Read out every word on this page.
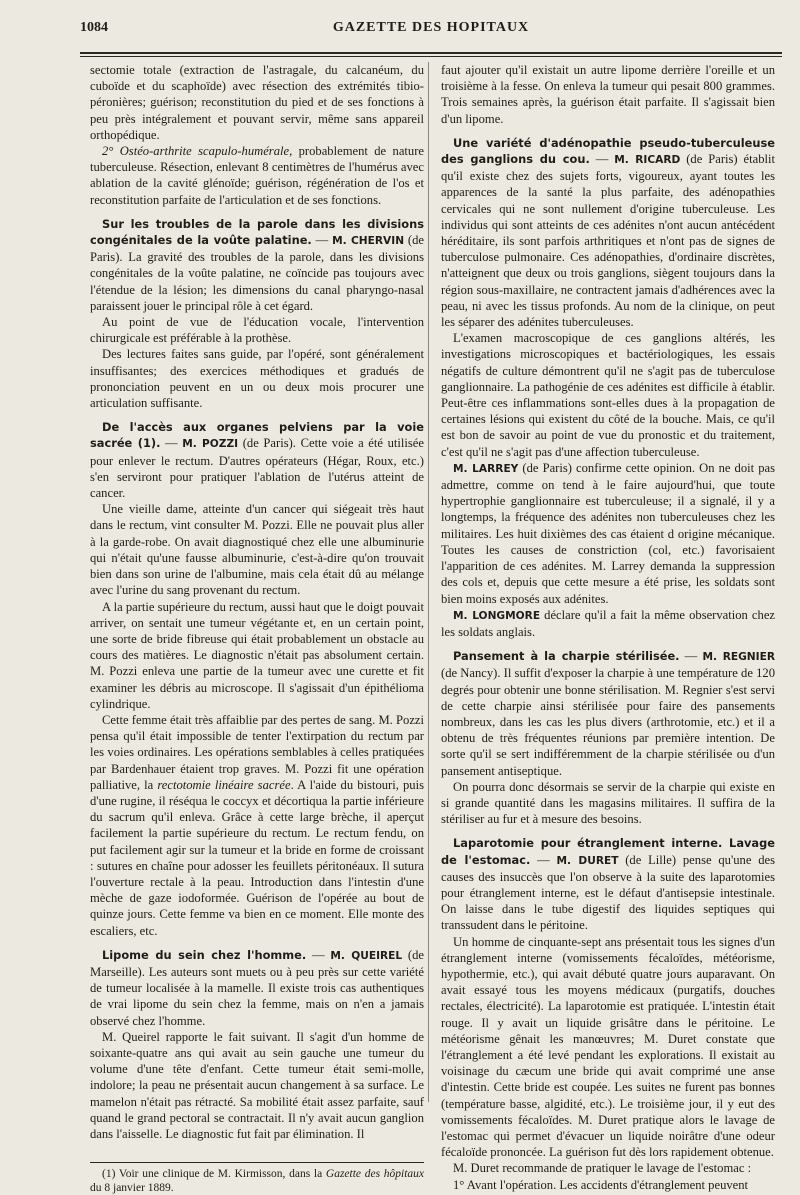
1084	GAZETTE DES HOPITAUX

sectomie totale (extraction de l'astragale, du calcanéum, du cuboïde et du scaphoïde) avec résection des extrémités tibio-péronières; guérison; reconstitution du pied et de ses fonctions à peu près intégralement et pouvant servir, même sans appareil orthopédique.

2° Ostéo-arthrite scapulo-humérale, probablement de nature tuberculeuse. Résection, enlevant 8 centimètres de l'humérus avec ablation de la cavité glénoïde; guérison, régénération de l'os et reconstitution parfaite de l'articulation et de ses fonctions.

Sur les troubles de la parole dans les divisions congénitales de la voûte palatine. — M. CHERVIN (de Paris). La gravité des troubles de la parole, dans les divisions congénitales de la voûte palatine, ne coïncide pas toujours avec l'étendue de la lésion; les dimensions du canal pharyngo-nasal paraissent jouer le principal rôle à cet égard.

Au point de vue de l'éducation vocale, l'intervention chirurgicale est préférable à la prothèse.

Des lectures faites sans guide, par l'opéré, sont généralement insuffisantes; des exercices méthodiques et gradués de prononciation peuvent en un ou deux mois procurer une articulation suffisante.

De l'accès aux organes pelviens par la voie sacrée (1). — M. POZZI (de Paris). Cette voie a été utilisée pour enlever le rectum. D'autres opérateurs (Hégar, Roux, etc.) s'en serviront pour pratiquer l'ablation de l'utérus atteint de cancer.

Une vieille dame, atteinte d'un cancer qui siégeait très haut dans le rectum, vint consulter M. Pozzi. Elle ne pouvait plus aller à la garde-robe. On avait diagnostiqué chez elle une albuminurie qui n'était qu'une fausse albuminurie, c'est-à-dire qu'on trouvait bien dans son urine de l'albumine, mais cela était dû au mélange avec l'urine du sang provenant du rectum.

A la partie supérieure du rectum, aussi haut que le doigt pouvait arriver, on sentait une tumeur végétante et, en un certain point, une sorte de bride fibreuse qui était probablement un obstacle au cours des matières. Le diagnostic n'était pas absolument certain. M. Pozzi enleva une partie de la tumeur avec une curette et fit examiner les débris au microscope. Il s'agissait d'un épithélioma cylindrique.

Cette femme était très affaiblie par des pertes de sang. M. Pozzi pensa qu'il était impossible de tenter l'extirpation du rectum par les voies ordinaires. Les opérations semblables à celles pratiquées par Bardenhauer étaient trop graves. M. Pozzi fit une opération palliative, la rectotomie linéaire sacrée. A l'aide du bistouri, puis d'une rugine, il réséqua le coccyx et décortiqua la partie inférieure du sacrum qu'il enleva. Grâce à cette large brèche, il aperçut facilement la partie supérieure du rectum. Le rectum fendu, on put facilement agir sur la tumeur et la bride en forme de croissant : sutures en chaîne pour adosser les feuillets péritonéaux. Il sutura l'ouverture rectale à la peau. Introduction dans l'intestin d'une mèche de gaze iodoformée. Guérison de l'opérée au bout de quinze jours. Cette femme va bien en ce moment. Elle monte des escaliers, etc.

Lipome du sein chez l'homme. — M. QUEIREL (de Marseille). Les auteurs sont muets ou à peu près sur cette variété de tumeur localisée à la mamelle. Il existe trois cas authentiques de vrai lipome du sein chez la femme, mais on n'en a jamais observé chez l'homme.

M. Queirel rapporte le fait suivant. Il s'agit d'un homme de soixante-quatre ans qui avait au sein gauche une tumeur du volume d'une tête d'enfant. Cette tumeur était semi-molle, indolore; la peau ne présentait aucun changement à sa surface. Le mamelon n'était pas rétracté. Sa mobilité était assez parfaite, sauf quand le grand pectoral se contractait. Il n'y avait aucun ganglion dans l'aisselle. Le diagnostic fut fait par élimination. Il

(1) Voir une clinique de M. Kirmisson, dans la Gazette des hôpitaux du 8 janvier 1889.

faut ajouter qu'il existait un autre lipome derrière l'oreille et un troisième à la fesse. On enleva la tumeur qui pesait 800 grammes. Trois semaines après, la guérison était parfaite. Il s'agissait bien d'un lipome.

Une variété d'adénopathie pseudo-tuberculeuse des ganglions du cou. — M. RICARD (de Paris) établit qu'il existe chez des sujets forts, vigoureux, ayant toutes les apparences de la santé la plus parfaite, des adénopathies cervicales qui ne sont nullement d'origine tuberculeuse. Les individus qui sont atteints de ces adénites n'ont aucun antécédent héréditaire, ils sont parfois arthritiques et n'ont pas de signes de tuberculose pulmonaire. Ces adénopathies, d'ordinaire discrètes, n'atteignent que deux ou trois ganglions, siègent toujours dans la région sous-maxillaire, ne contractent jamais d'adhérences avec la peau, ni avec les tissus profonds. Au nom de la clinique, on peut les séparer des adénites tuberculeuses.

L'examen macroscopique de ces ganglions altérés, les investigations microscopiques et bactériologiques, les essais négatifs de culture démontrent qu'il ne s'agit pas de tuberculose ganglionnaire. La pathogénie de ces adénites est difficile à établir. Peut-être ces inflammations sont-elles dues à la propagation de certaines lésions qui existent du côté de la bouche. Mais, ce qu'il est bon de savoir au point de vue du pronostic et du traitement, c'est qu'il ne s'agit pas d'une affection tuberculeuse.

M. LARREY (de Paris) confirme cette opinion. On ne doit pas admettre, comme on tend à le faire aujourd'hui, que toute hypertrophie ganglionnaire est tuberculeuse; il a signalé, il y a longtemps, la fréquence des adénites non tuberculeuses chez les militaires. Les huit dixièmes des cas étaient d origine mécanique. Toutes les causes de constriction (col, etc.) favorisaient l'apparition de ces adénites. M. Larrey demanda la suppression des cols et, depuis que cette mesure a été prise, les soldats sont bien moins exposés aux adénites.

M. LONGMORE déclare qu'il a fait la même observation chez les soldats anglais.

Pansement à la charpie stérilisée. — M. REGNIER (de Nancy). Il suffit d'exposer la charpie à une température de 120 degrés pour obtenir une bonne stérilisation. M. Regnier s'est servi de cette charpie ainsi stérilisée pour faire des pansements nombreux, dans les cas les plus divers (arthrotomie, etc.) et il a obtenu de très fréquentes réunions par première intention. De sorte qu'il se sert indifféremment de la charpie stérilisée ou d'un pansement antiseptique.

On pourra donc désormais se servir de la charpie qui existe en si grande quantité dans les magasins militaires. Il suffira de la stériliser au fur et à mesure des besoins.

Laparotomie pour étranglement interne. Lavage de l'estomac. — M. DURET (de Lille) pense qu'une des causes des insuccès que l'on observe à la suite des laparotomies pour étranglement interne, est le défaut d'antisepsie intestinale. On laisse dans le tube digestif des liquides septiques qui transsudent dans le péritoine.

Un homme de cinquante-sept ans présentait tous les signes d'un étranglement interne (vomissements fécaloïdes, météorisme, hypothermie, etc.), qui avait débuté quatre jours auparavant. On avait essayé tous les moyens médicaux (purgatifs, douches rectales, électricité). La laparotomie est pratiquée. L'intestin était rouge. Il y avait un liquide grisâtre dans le péritoine. Le météorisme gênait les manœuvres; M. Duret constate que l'étranglement a été levé pendant les explorations. Il existait au voisinage du cæcum une bride qui avait comprimé une anse d'intestin. Cette bride est coupée. Les suites ne furent pas bonnes (température basse, algidité, etc.). Le troisième jour, il y eut des vomissements fécaloïdes. M. Duret pratique alors le lavage de l'estomac qui permet d'évacuer un liquide noirâtre d'une odeur fécaloïde prononcée. La guérison fut dès lors rapidement obtenue.

M. Duret recommande de pratiquer le lavage de l'estomac :

1° Avant l'opération. Les accidents d'étranglement peuvent
